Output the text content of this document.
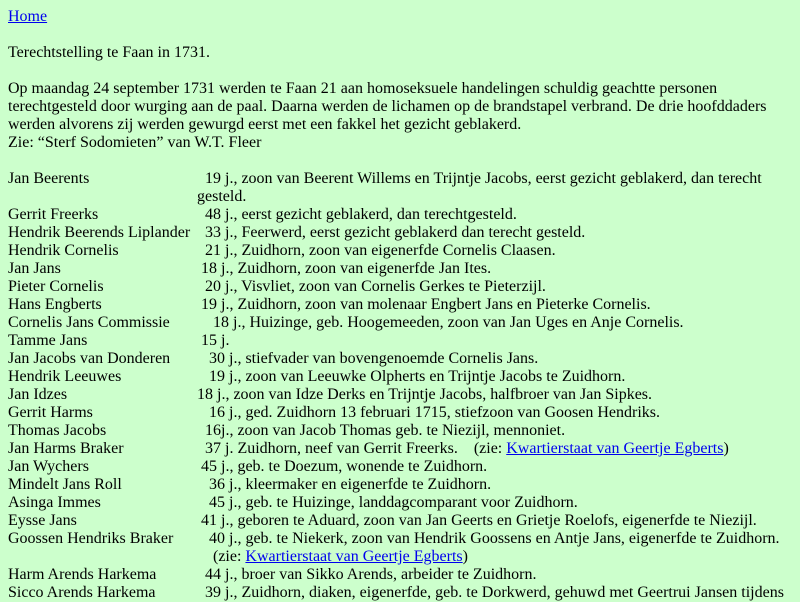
Home

Terechtstelling te Faan in 1731.

Op maandag 24 september 1731 werden te Faan 21 aan homoseksuele handelingen schuldig geachtte personen
terechtgesteld door wurging aan de paal. Daarna werden de lichamen op de brandstapel verbrand. De drie hoofddaders
werden alvorens zij werden gewurgd eerst met een fakkel het gezicht geblakerd.
Zie: “Sterf Sodomieten” van W.T. Fleer
Jan Beerents	19 j., zoon van Beerent Willems en Trijntje Jacobs, eerst gezicht geblakerd, dan terecht gesteld.
Gerrit Freerks	48 j., eerst gezicht geblakerd, dan terechtgesteld.
Hendrik Beerends Liplander	33 j., Feerwerd, eerst gezicht geblakerd dan terecht gesteld.
Hendrik Cornelis	21 j., Zuidhorn, zoon van eigenerfde Cornelis Claasen.
Jan Jans	18 j., Zuidhorn, zoon van eigenerfde Jan Ites.
Pieter Cornelis	20 j., Visvliet, zoon van Cornelis Gerkes te Pieterzijl.
Hans Engberts	19 j., Zuidhorn, zoon van molenaar Engbert Jans en Pieterke Cornelis.
Cornelis Jans Commissie	18 j., Huizinge, geb. Hoogemeeden, zoon van Jan Uges en Anje Cornelis.
Tamme Jans	15 j.
Jan Jacobs van Donderen	30 j., stiefvader van bovengenoemde Cornelis Jans.
Hendrik Leeuwes	19 j., zoon van Leeuwke Olpherts en Trijntje Jacobs te Zuidhorn.
Jan Idzes	18 j., zoon van Idze Derks en Trijntje Jacobs, halfbroer van Jan Sipkes.
Gerrit Harms	16 j., ged. Zuidhorn 13 februari 1715, stiefzoon van Goosen Hendriks.
Thomas Jacobs	16j., zoon van Jacob Thomas geb. te Niezijl, mennoniet.
Jan Harms Braker	37 j. Zuidhorn, neef van Gerrit Freerks.    (zie: Kwartierstaat van Geertje Egberts)
Jan Wychers	45 j., geb. te Doezum, wonende te Zuidhorn.
Mindelt Jans Roll	36 j., kleermaker en eigenerfde te Zuidhorn.
Asinga Immes	45 j., geb. te Huizinge, landdagcomparant voor Zuidhorn.
Eysse Jans	41 j., geboren te Aduard, zoon van Jan Geerts en Grietje Roelofs, eigenerfde te Niezijl.
Goossen Hendriks Braker	40 j., geb. te Niekerk, zoon van Hendrik Goossens en Antje Jans, eigenerfde te Zuidhorn.
(zie: Kwartierstaat van Geertje Egberts)
Harm Arends Harkema	44 j., broer van Sikko Arends, arbeider te Zuidhorn.
Sicco Arends Harkema	39 j., Zuidhorn, diaken, eigenerfde, geb. te Dorkwerd, gehuwd met Geertrui Jansen tijdens
